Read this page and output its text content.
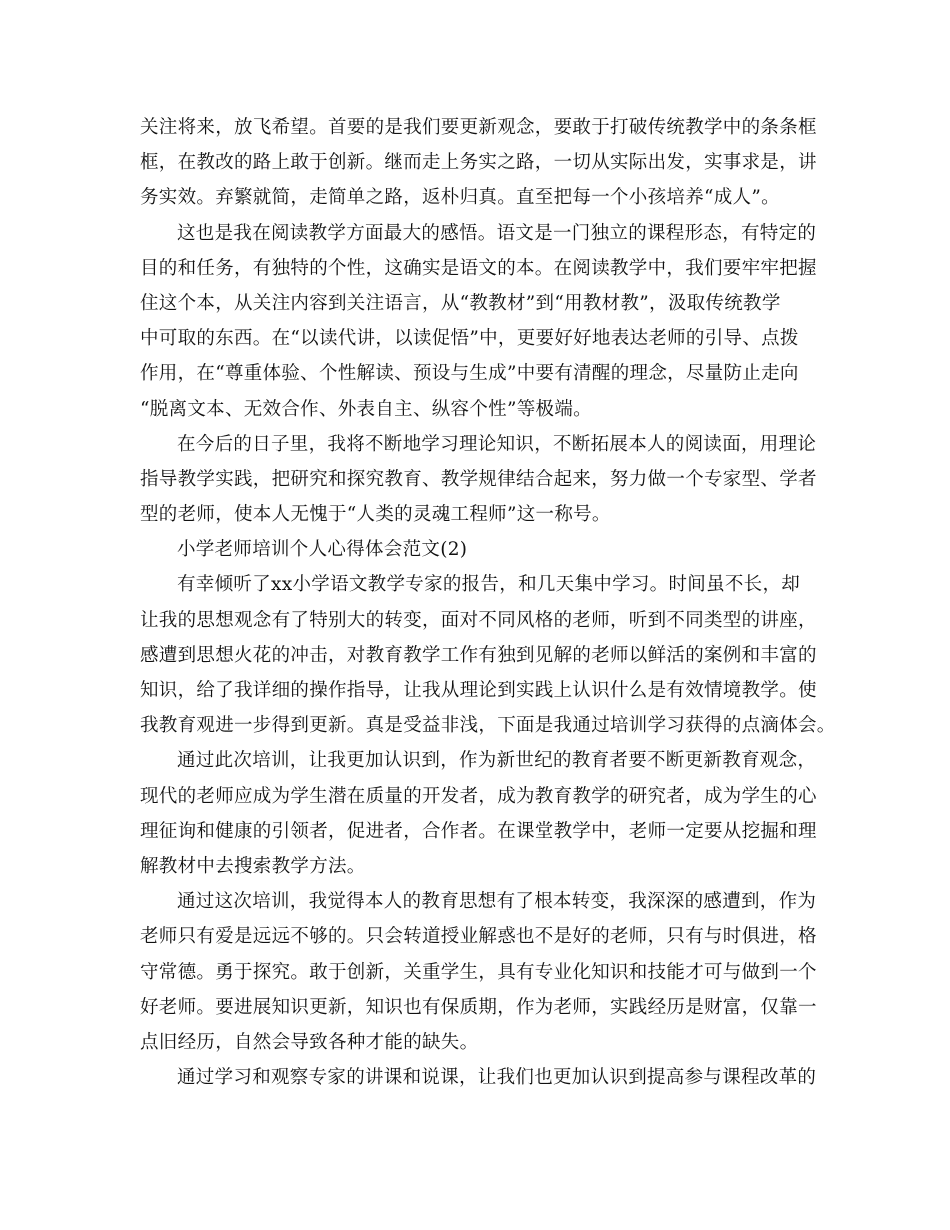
关注将来，放飞希望。首要的是我们要更新观念，要敢于打破传统教学中的条条框
框，在教改的路上敢于创新。继而走上务实之路，一切从实际出发，实事求是，讲
务实效。弃繁就简，走简单之路，返朴归真。直至把每一个小孩培养“成人”。
这也是我在阅读教学方面最大的感悟。语文是一门独立的课程形态，有特定的
目的和任务，有独特的个性，这确实是语文的本。在阅读教学中，我们要牢牢把握
住这个本，从关注内容到关注语言，从“教教材”到“用教材教”，汲取传统教学
中可取的东西。在“以读代讲，以读促悟”中，更要好好地表达老师的引导、点拨
作用，在“尊重体验、个性解读、预设与生成”中要有清醒的理念，尽量防止走向
“脱离文本、无效合作、外表自主、纵容个性”等极端。
在今后的日子里，我将不断地学习理论知识，不断拓展本人的阅读面，用理论
指导教学实践，把研究和探究教育、教学规律结合起来，努力做一个专家型、学者
型的老师，使本人无愧于“人类的灵魂工程师”这一称号。
小学老师培训个人心得体会范文(2)
有幸倾听了xx小学语文教学专家的报告，和几天集中学习。时间虽不长，却
让我的思想观念有了特别大的转变，面对不同风格的老师，听到不同类型的讲座，
感遭到思想火花的冲击，对教育教学工作有独到见解的老师以鲜活的案例和丰富的
知识，给了我详细的操作指导，让我从理论到实践上认识什么是有效情境教学。使
我教育观进一步得到更新。真是受益非浅，下面是我通过培训学习获得的点滴体会。
通过此次培训，让我更加认识到，作为新世纪的教育者要不断更新教育观念，
现代的老师应成为学生潜在质量的开发者，成为教育教学的研究者，成为学生的心
理征询和健康的引领者，促进者，合作者。在课堂教学中，老师一定要从挖掘和理
解教材中去搜索教学方法。
通过这次培训，我觉得本人的教育思想有了根本转变，我深深的感遭到，作为
老师只有爱是远远不够的。只会转道授业解惑也不是好的老师，只有与时俱进，格
守常德。勇于探究。敢于创新，关重学生，具有专业化知识和技能才可与做到一个
好老师。要进展知识更新，知识也有保质期，作为老师，实践经历是财富，仅靠一
点旧经历，自然会导致各种才能的缺失。
通过学习和观察专家的讲课和说课，让我们也更加认识到提高参与课程改革的
